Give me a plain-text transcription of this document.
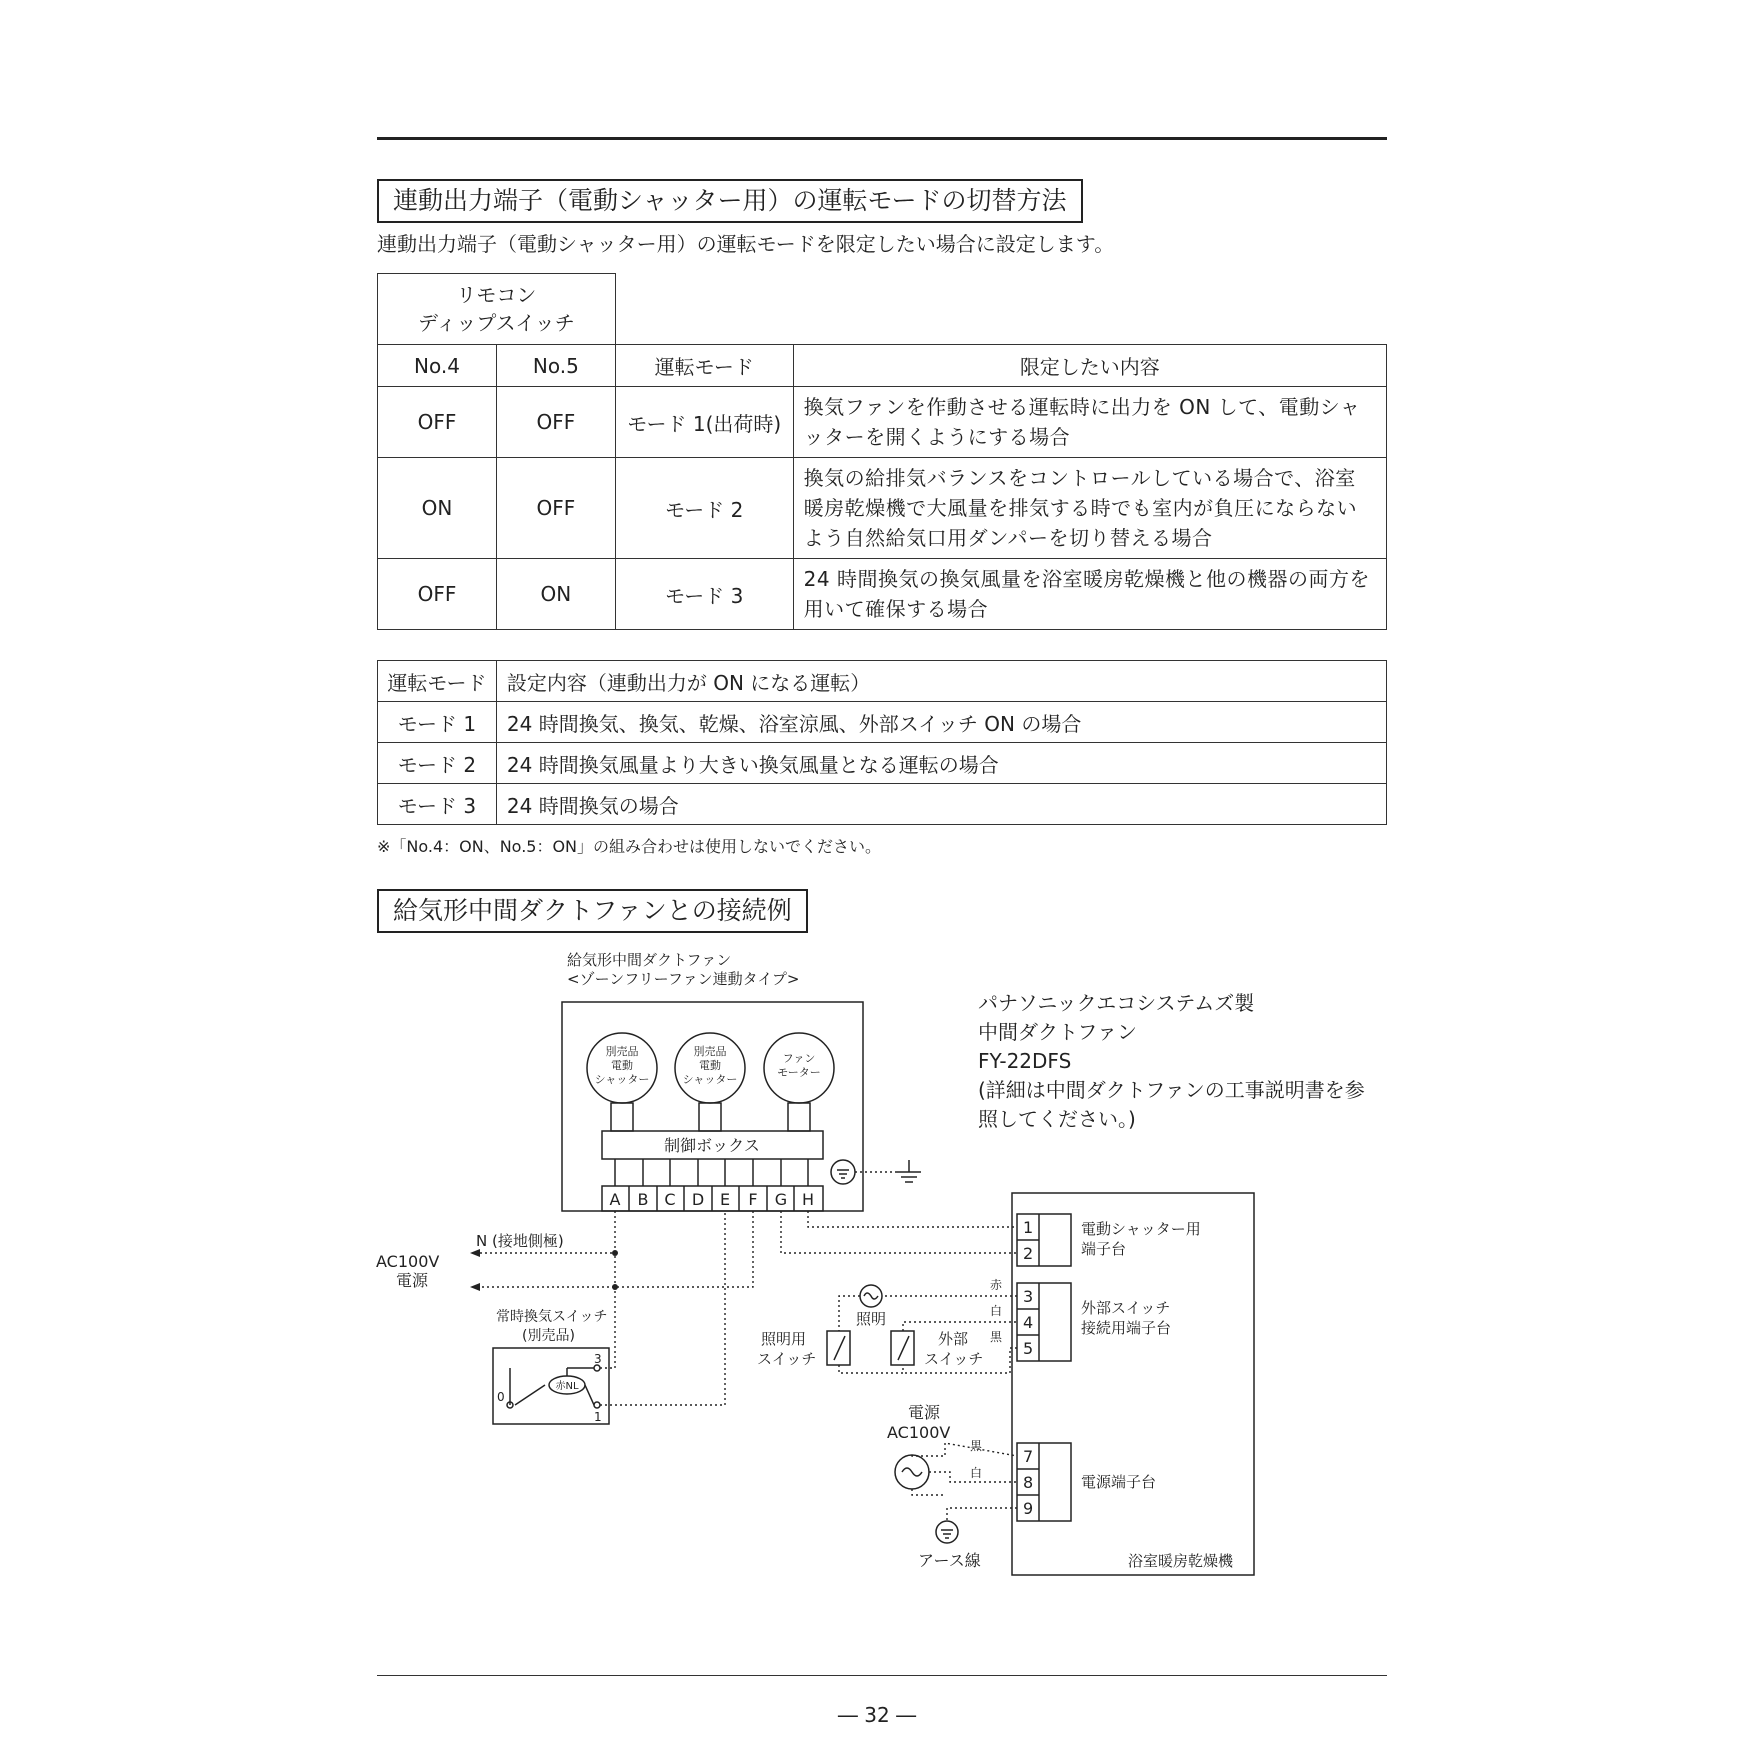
連動出力端子（電動シャッター用）の運転モードの切替方法
連動出力端子（電動シャッター用）の運転モードを限定したい場合に設定します。
リモコン
ディップスイッチ			

No.4	No.5	運転モード	限定したい内容
OFF	OFF	モード 1(出荷時)	換気ファンを作動させる運転時に出力を ON して、電動シャッターを開くようにする場合
ON	OFF	モード 2	換気の給排気バランスをコントロールしている場合で、浴室暖房乾燥機で大風量を排気する時でも室内が負圧にならないよう自然給気口用ダンパーを切り替える場合
OFF	ON	モード 3	24 時間換気の換気風量を浴室暖房乾燥機と他の機器の両方を用いて確保する場合
運転モード	設定内容（連動出力が ON になる運転）
モード 1	24 時間換気、換気、乾燥、浴室涼風、外部スイッチ ON の場合
モード 2	24 時間換気風量より大きい換気風量となる運転の場合
モード 3	24 時間換気の場合
※「No.4：ON、No.5：ON」の組み合わせは使用しないでください。
給気形中間ダクトファンとの接続例
給気形中間ダクトファン
<ゾーンフリーファン連動タイプ>
別売品
電動
シャッター
別売品
電動
シャッター
ファン
モーター
制御ボックス
A B C D E F G H
パナソニックエコシステムズ製
中間ダクトファン
FY-22DFS
(詳細は中間ダクトファンの工事説明書を参
照してください。)
N (接地側極)
AC100V
電源
常時換気スイッチ
(別売品)
3
1
0
赤NL
浴室暖房乾燥機
電動シャッター用
端子台
外部スイッチ
接続用端子台
電源端子台
1
2
3
4
5
7
8
9
照明
照明用
スイッチ
外部
スイッチ
赤
白
黒
黒
白
電源
AC100V
アース線
― 32 ―
